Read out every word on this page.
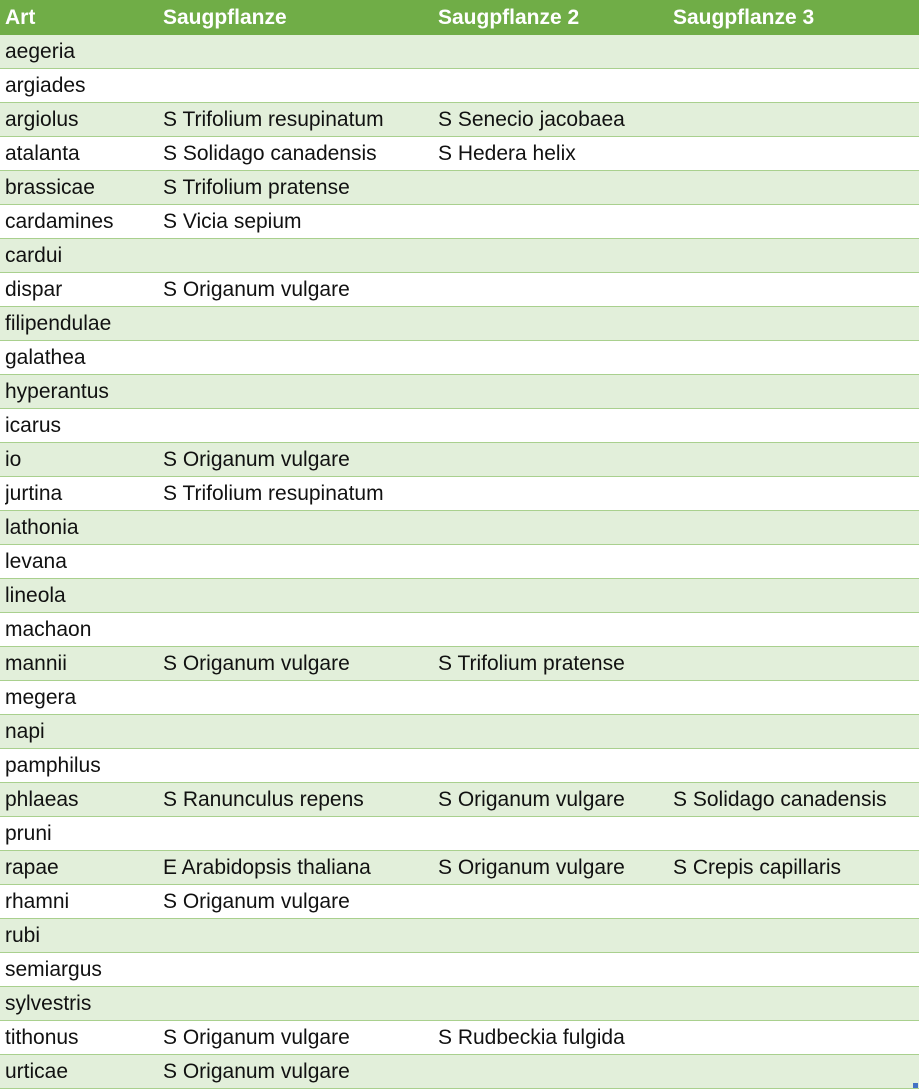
Art	Saugpflanze	Saugpflanze 2	Saugpflanze 3
aegeria
argiades
argiolus	S Trifolium resupinatum	S Senecio jacobaea
atalanta	S Solidago canadensis	S Hedera helix
brassicae	S Trifolium pratense
cardamines	S Vicia sepium
cardui
dispar	S Origanum vulgare
filipendulae
galathea
hyperantus
icarus
io	S Origanum vulgare
jurtina	S Trifolium resupinatum
lathonia
levana
lineola
machaon
mannii	S Origanum vulgare	S Trifolium pratense
megera
napi
pamphilus
phlaeas	S Ranunculus repens	S Origanum vulgare	S Solidago canadensis
pruni
rapae	E Arabidopsis thaliana	S Origanum vulgare	S Crepis capillaris
rhamni	S Origanum vulgare
rubi
semiargus
sylvestris
tithonus	S Origanum vulgare	S Rudbeckia fulgida
urticae	S Origanum vulgare
